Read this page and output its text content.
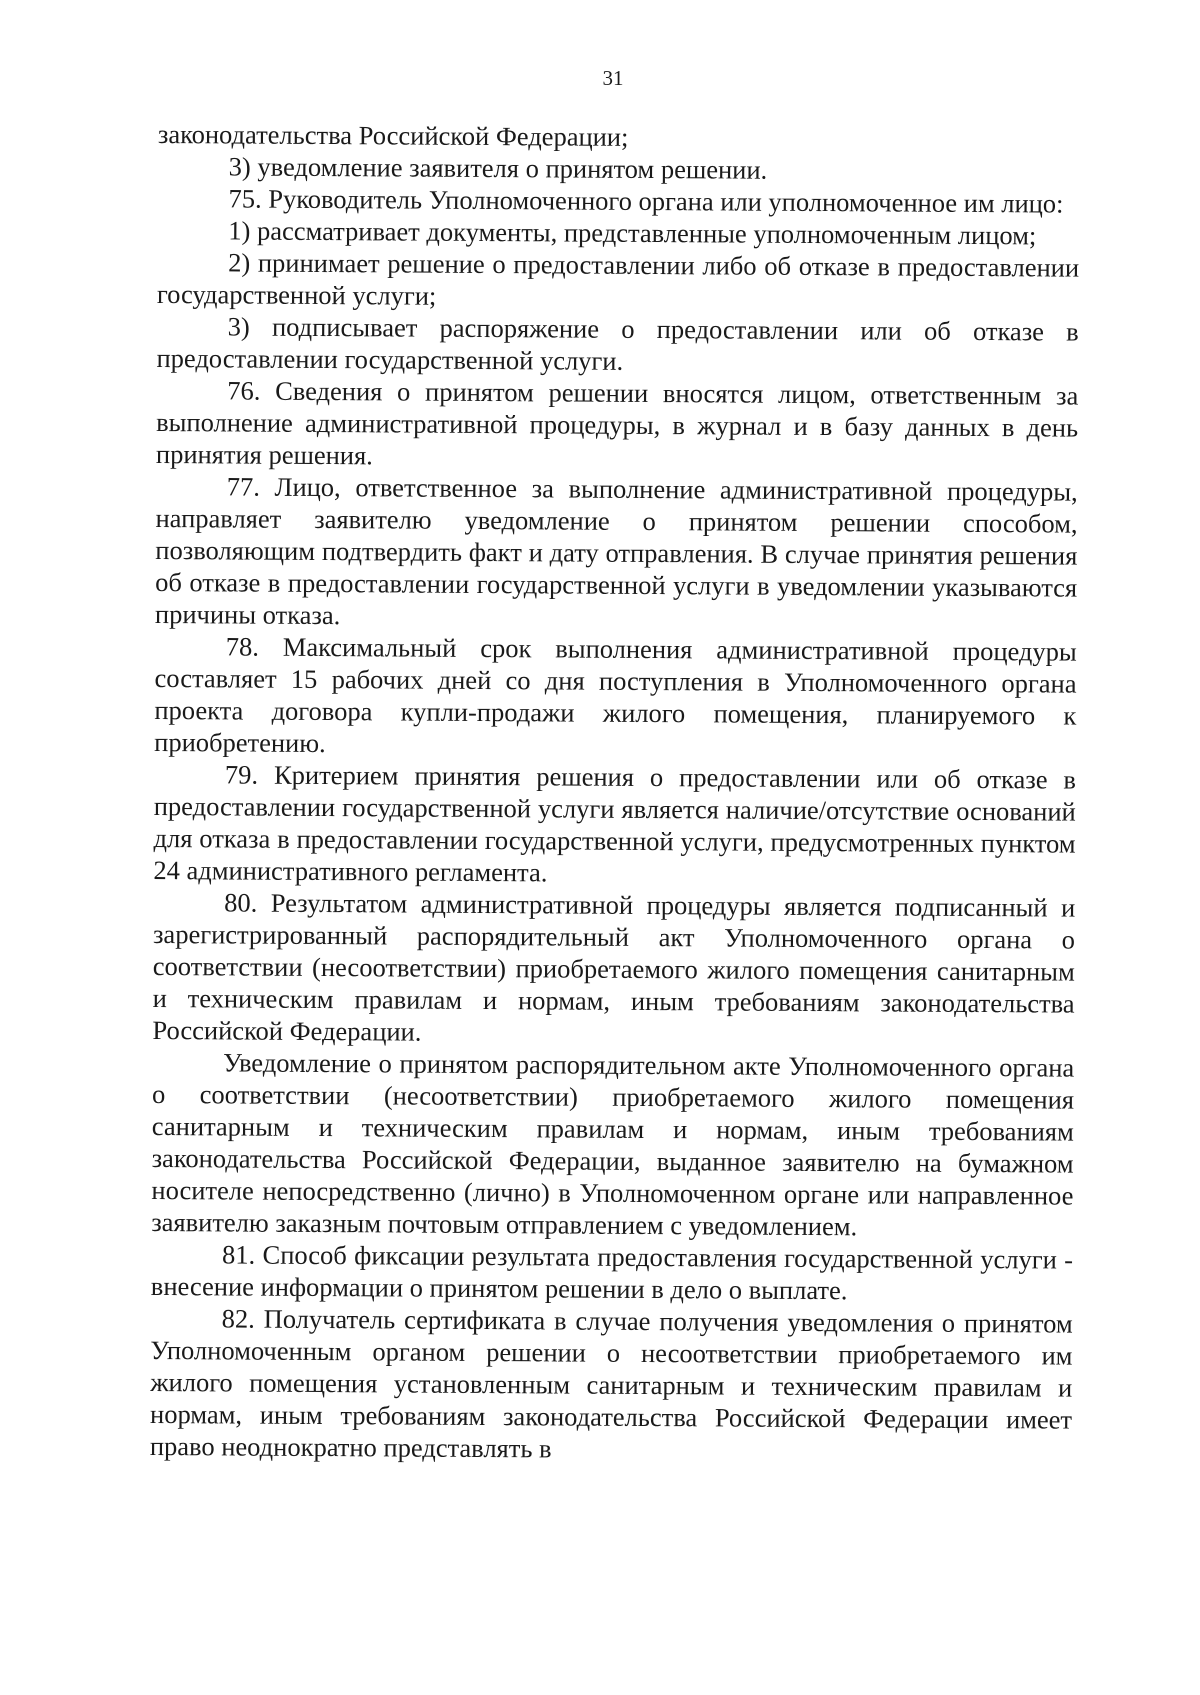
31

законодательства Российской Федерации;

3) уведомление заявителя о принятом решении.

75. Руководитель Уполномоченного органа или уполномоченное им лицо:

1) рассматривает документы, представленные уполномоченным лицом;

2) принимает решение о предоставлении либо об отказе в предоставлении государственной услуги;

3) подписывает распоряжение о предоставлении или об отказе в предоставлении государственной услуги.

76. Сведения о принятом решении вносятся лицом, ответственным за выполнение административной процедуры, в журнал и в базу данных в день принятия решения.

77. Лицо, ответственное за выполнение административной процедуры, направляет заявителю уведомление о принятом решении способом, позволяющим подтвердить факт и дату отправления. В случае принятия решения об отказе в предоставлении государственной услуги в уведомлении указываются причины отказа.

78. Максимальный срок выполнения административной процедуры составляет 15 рабочих дней со дня поступления в Уполномоченного органа проекта договора купли-продажи жилого помещения, планируемого к приобретению.

79. Критерием принятия решения о предоставлении или об отказе в предоставлении государственной услуги является наличие/отсутствие оснований для отказа в предоставлении государственной услуги, предусмотренных пунктом 24 административного регламента.

80. Результатом административной процедуры является подписанный и зарегистрированный распорядительный акт Уполномоченного органа о соответствии (несоответствии) приобретаемого жилого помещения санитарным и техническим правилам и нормам, иным требованиям законодательства Российской Федерации.

Уведомление о принятом распорядительном акте Уполномоченного органа о соответствии (несоответствии) приобретаемого жилого помещения санитарным и техническим правилам и нормам, иным требованиям законодательства Российской Федерации, выданное заявителю на бумажном носителе непосредственно (лично) в Уполномоченном органе или направленное заявителю заказным почтовым отправлением с уведомлением.

81. Способ фиксации результата предоставления государственной услуги - внесение информации о принятом решении в дело о выплате.

82. Получатель сертификата в случае получения уведомления о принятом Уполномоченным органом решении о несоответствии приобретаемого им жилого помещения установленным санитарным и техническим правилам и нормам, иным требованиям законодательства Российской Федерации имеет право неоднократно представлять в
